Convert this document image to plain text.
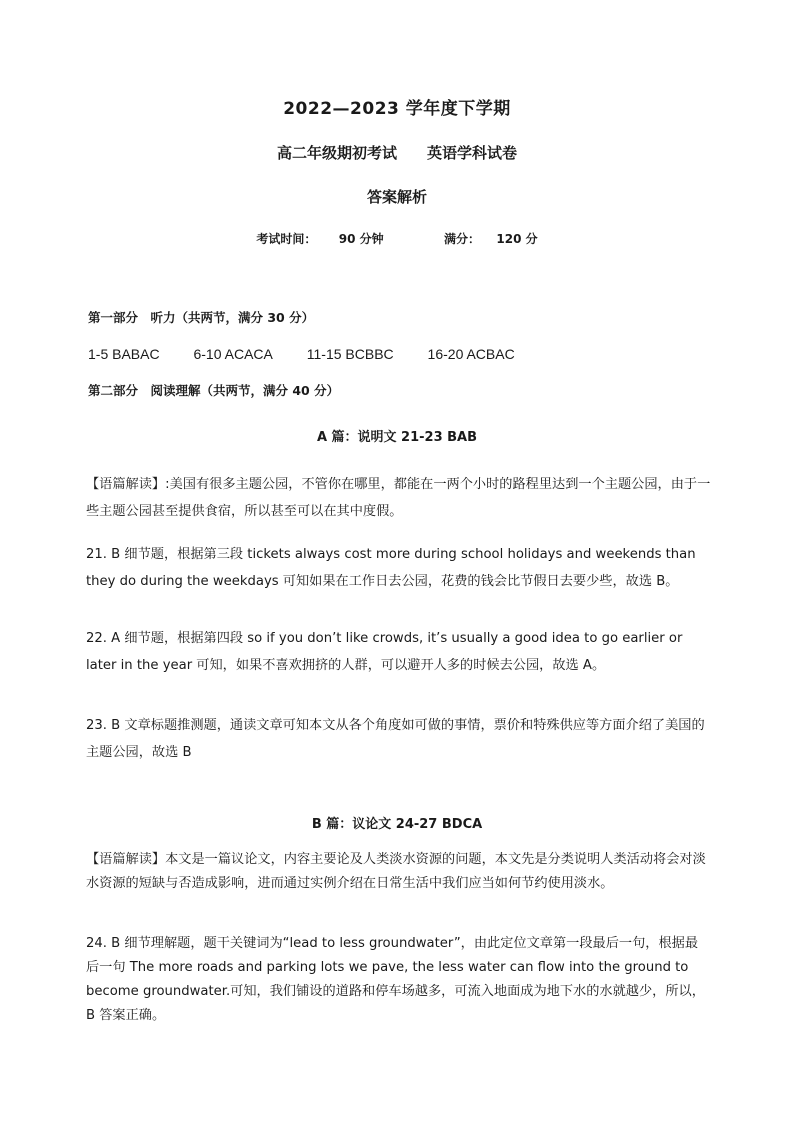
2022—2023 学年度下学期
高二年级期初考试　　英语学科试卷
答案解析
考试时间： 90 分钟	满分： 120 分
第一部分　听力（共两节，满分 30 分）
1-5 BABAC 6-10 ACACA 11-15 BCBBC 16-20 ACBAC
第二部分　阅读理解（共两节，满分 40 分）
A 篇：说明文 21-23 BAB
【语篇解读】:美国有很多主题公园，不管你在哪里，都能在一两个小时的路程里达到一个主题公园，由于一些主题公园甚至提供食宿，所以甚至可以在其中度假。
21. B 细节题，根据第三段 tickets always cost more during school holidays and weekends than they do during the weekdays 可知如果在工作日去公园，花费的钱会比节假日去要少些，故选 B。
22. A 细节题，根据第四段 so if you don’t like crowds, it’s usually a good idea to go earlier or later in the year 可知，如果不喜欢拥挤的人群，可以避开人多的时候去公园，故选 A。
23. B 文章标题推测题，通读文章可知本文从各个角度如可做的事情，票价和特殊供应等方面介绍了美国的主题公园，故选 B
B 篇：议论文 24-27 BDCA
【语篇解读】本文是一篇议论文，内容主要论及人类淡水资源的问题，本文先是分类说明人类活动将会对淡水资源的短缺与否造成影响，进而通过实例介绍在日常生活中我们应当如何节约使用淡水。
24. B 细节理解题，题干关键词为“lead to less groundwater”，由此定位文章第一段最后一句，根据最后一句 The more roads and parking lots we pave, the less water can flow into the ground to become groundwater.可知，我们铺设的道路和停车场越多，可流入地面成为地下水的水就越少，所以，B 答案正确。
